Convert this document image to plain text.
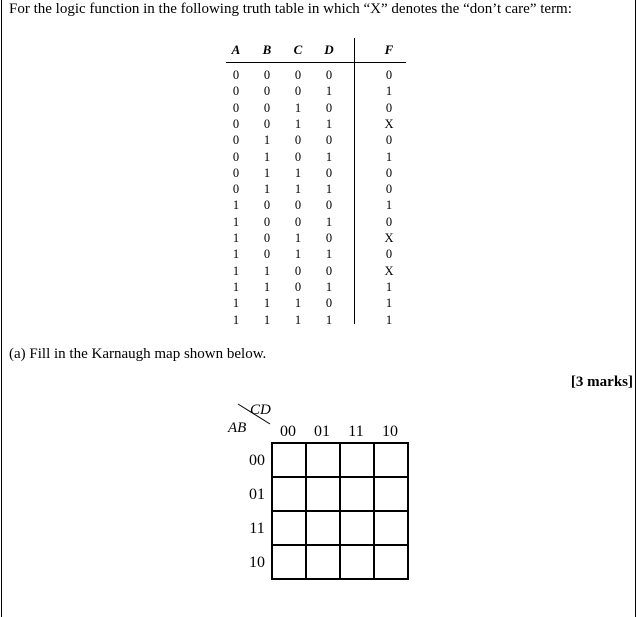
For the logic function in the following truth table in which “X” denotes the “don’t care” term:
A	B	C	D	F
0	0	0	0	0
0	0	0	1	1
0	0	1	0	0
0	0	1	1	X
0	1	0	0	0
0	1	0	1	1
0	1	1	0	0
0	1	1	1	0
1	0	0	0	1
1	0	0	1	0
1	0	1	0	X
1	0	1	1	0
1	1	0	0	X
1	1	0	1	1
1	1	1	0	1
1	1	1	1	1
(a) Fill in the Karnaugh map shown below.
[3 marks]
CD
AB	00	01	11	10
00
01
11
10
